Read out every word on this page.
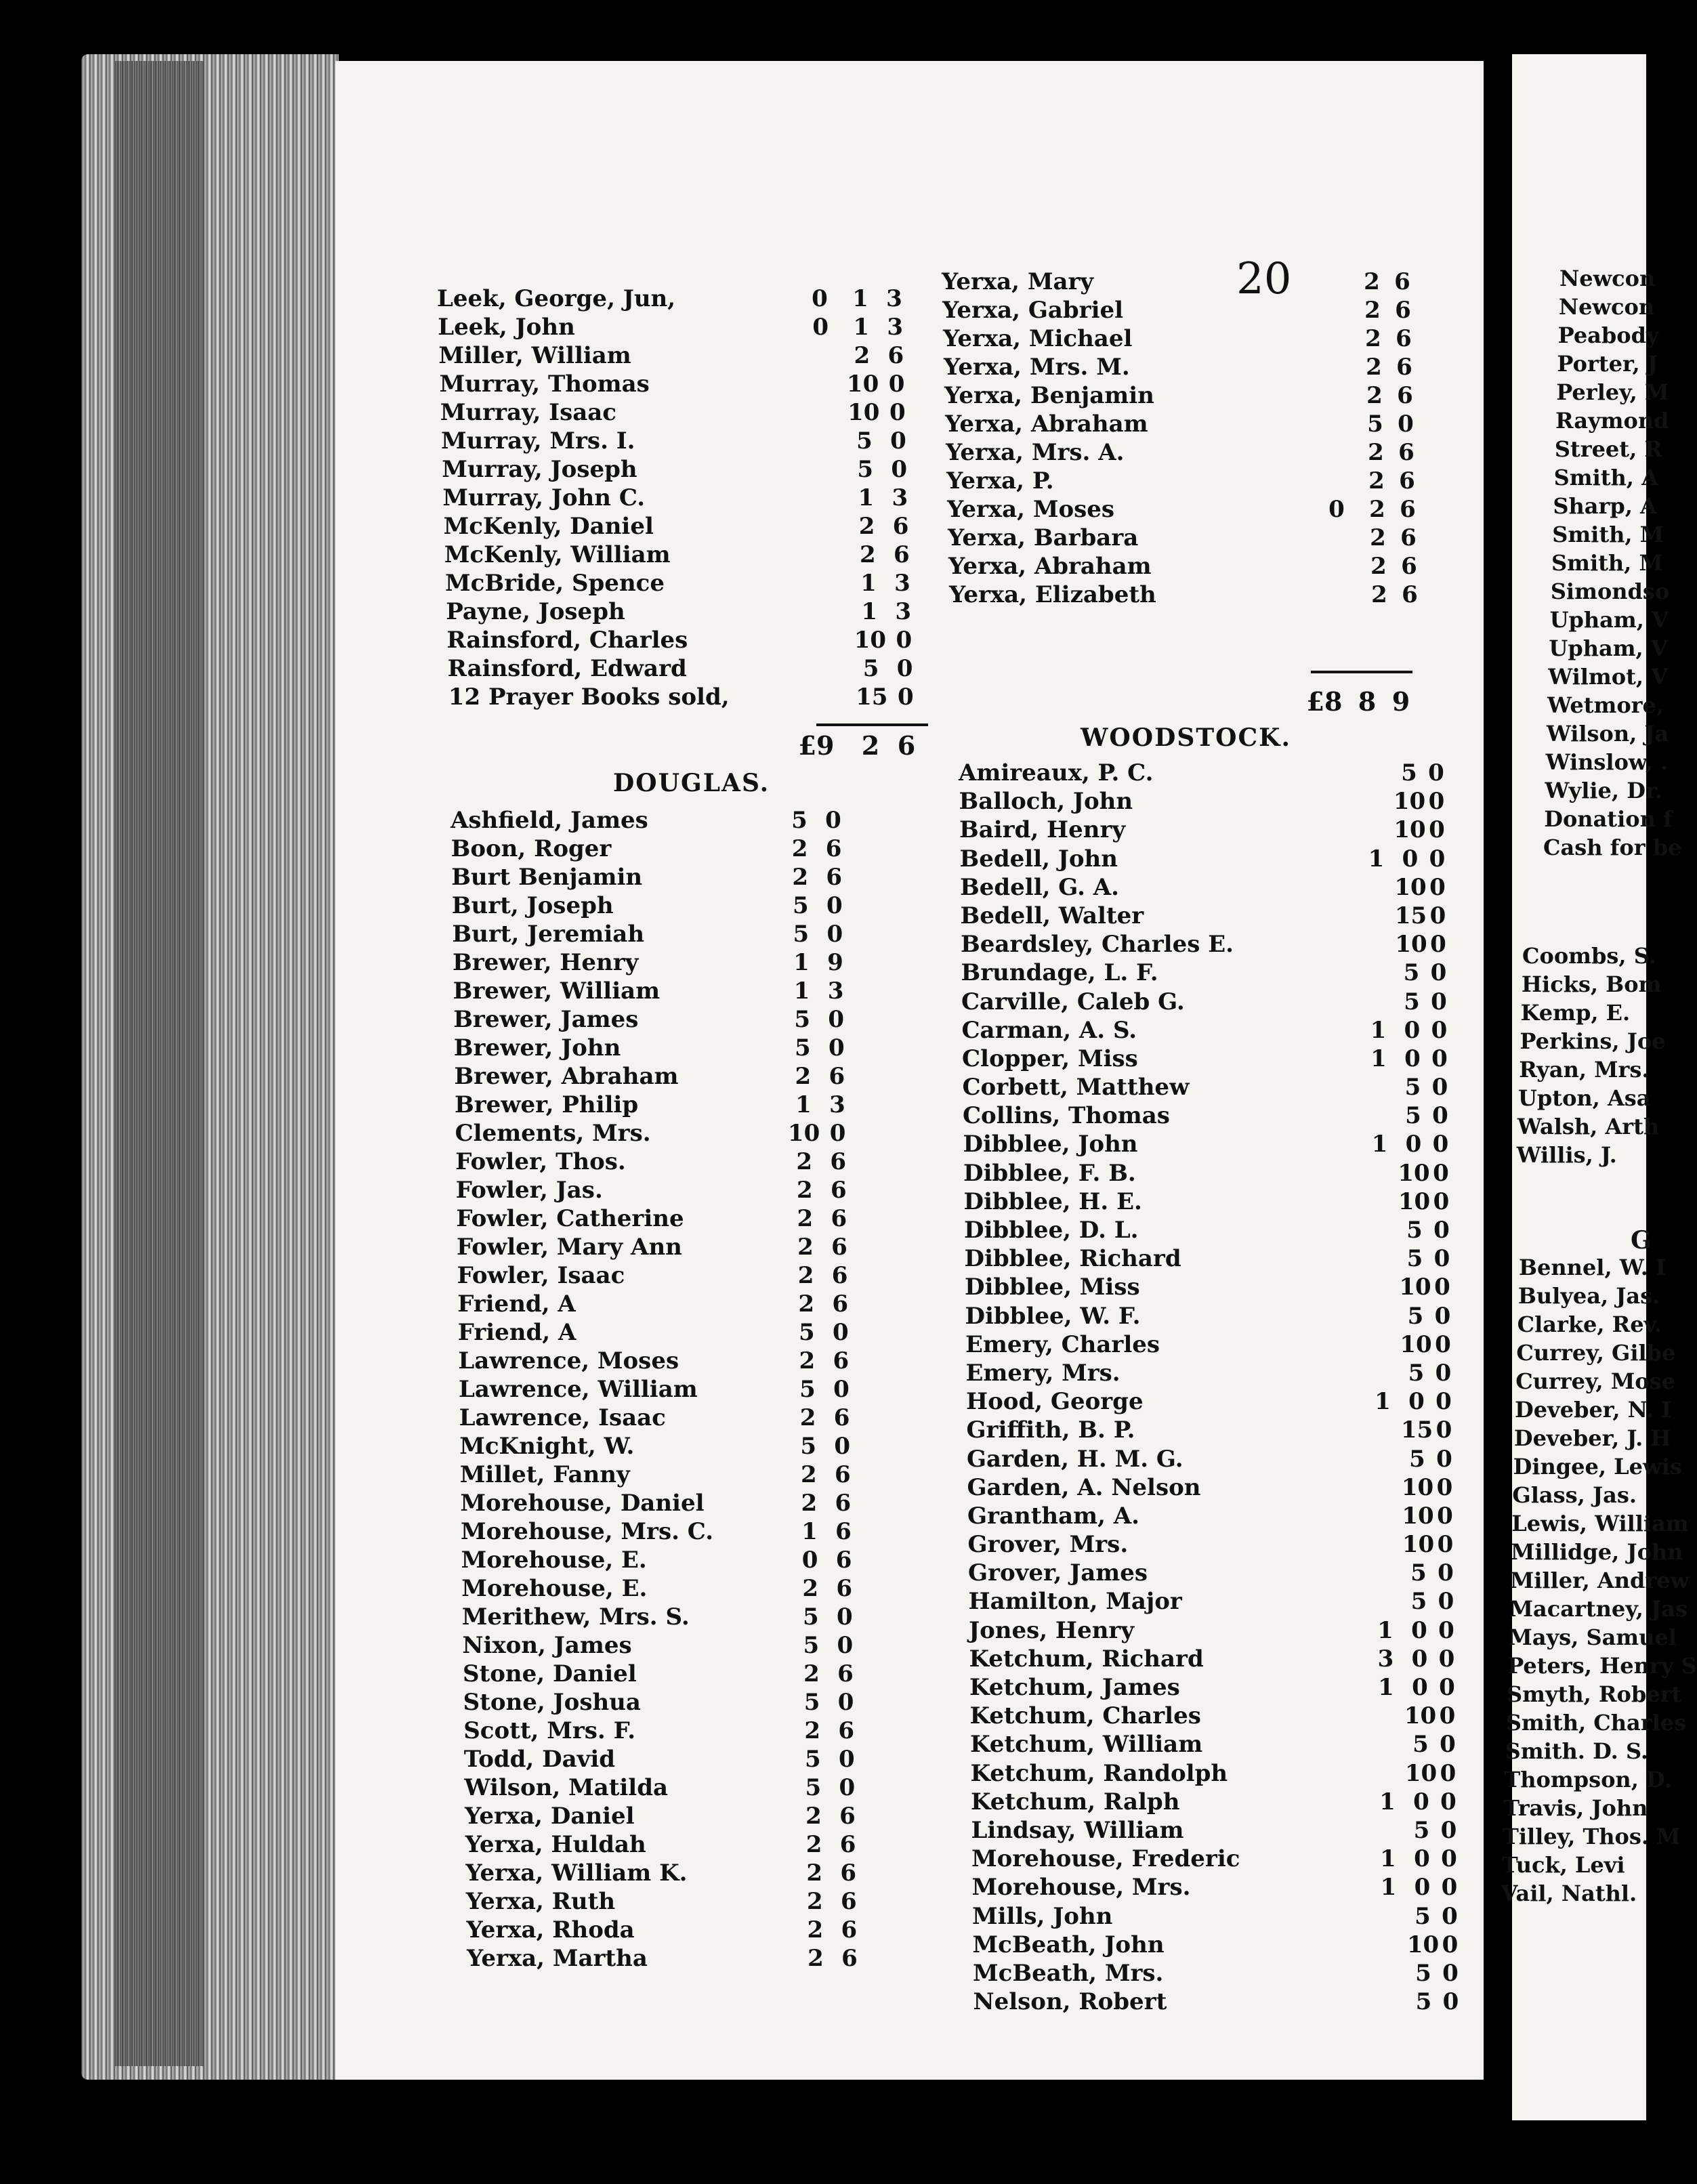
20
Leek, George, Jun,	0	1 3
Leek, John	0	1 3
Miller, William	2 6
Murray, Thomas	10 0
Murray, Isaac	10 0
Murray, Mrs. I.	5 0
Murray, Joseph	5 0
Murray, John C.	1 3
McKenly, Daniel	2 6
McKenly, William	2 6
McBride, Spence	1 3
Payne, Joseph	1 3
Rainsford, Charles	10 0
Rainsford, Edward	5 0
12 Prayer Books sold,	15 0
£9 2 6
DOUGLAS.
Ashfield, James	5 0
Boon, Roger	2 6
Burt Benjamin	2 6
Burt, Joseph	5 0
Burt, Jeremiah	5 0
Brewer, Henry	1 9
Brewer, William	1 3
Brewer, James	5 0
Brewer, John	5 0
Brewer, Abraham	2 6
Brewer, Philip	1 3
Clements, Mrs.	10 0
Fowler, Thos.	2 6
Fowler, Jas.	2 6
Fowler, Catherine	2 6
Fowler, Mary Ann	2 6
Fowler, Isaac	2 6
Friend, A	2 6
Friend, A	5 0
Lawrence, Moses	2 6
Lawrence, William	5 0
Lawrence, Isaac	2 6
McKnight, W.	5 0
Millet, Fanny	2 6
Morehouse, Daniel	2 6
Morehouse, Mrs. C.	1 6
Morehouse, E.	0 6
Morehouse, E.	2 6
Merithew, Mrs. S.	5 0
Nixon, James	5 0
Stone, Daniel	2 6
Stone, Joshua	5 0
Scott, Mrs. F.	2 6
Todd, David	5 0
Wilson, Matilda	5 0
Yerxa, Daniel	2 6
Yerxa, Huldah	2 6
Yerxa, William K.	2 6
Yerxa, Ruth	2 6
Yerxa, Rhoda	2 6
Yerxa, Martha	2 6
Yerxa, Mary	2 6
Yerxa, Gabriel	2 6
Yerxa, Michael	2 6
Yerxa, Mrs. M.	2 6
Yerxa, Benjamin	2 6
Yerxa, Abraham	5 0
Yerxa, Mrs. A.	2 6
Yerxa, P.	2 6
Yerxa, Moses	0	2 6
Yerxa, Barbara	2 6
Yerxa, Abraham	2 6
Yerxa, Elizabeth	2 6
£8 8 9
WOODSTOCK.
Amireaux, P. C.	5 0
Balloch, John	10 0
Baird, Henry	10 0
Bedell, John	1 0 0
Bedell, G. A.	10 0
Bedell, Walter	15 0
Beardsley, Charles E.	10 0
Brundage, L. F.	5 0
Carville, Caleb G.	5 0
Carman, A. S.	1 0 0
Clopper, Miss	1 0 0
Corbett, Matthew	5 0
Collins, Thomas	5 0
Dibblee, John	1 0 0
Dibblee, F. B.	10 0
Dibblee, H. E.	10 0
Dibblee, D. L.	5 0
Dibblee, Richard	5 0
Dibblee, Miss	10 0
Dibblee, W. F.	5 0
Emery, Charles	10 0
Emery, Mrs.	5 0
Hood, George	1 0 0
Griffith, B. P.	15 0
Garden, H. M. G.	5 0
Garden, A. Nelson	10 0
Grantham, A.	10 0
Grover, Mrs.	10 0
Grover, James	5 0
Hamilton, Major	5 0
Jones, Henry	1 0 0
Ketchum, Richard	3 0 0
Ketchum, James	1 0 0
Ketchum, Charles	10 0
Ketchum, William	5 0
Ketchum, Randolph	10 0
Ketchum, Ralph	1 0 0
Lindsay, William	5 0
Morehouse, Frederic	1 0 0
Morehouse, Mrs.	1 0 0
Mills, John	5 0
McBeath, John	10 0
McBeath, Mrs.	5 0
Nelson, Robert	5 0
Newcon
Newcon
Peabody
Porter, J
Perley, M
Raymond
Street, R
Smith, A
Sharp, A
Smith, M
Smith, M
Simondso
Upham, V
Upham, V
Wilmot, V
Wetmore,
Wilson, Ja
Winslow, .
Wylie, Dr.
Donation f
Cash for be
Coombs, S.
Hicks, Bom
Kemp, E.
Perkins, Joe
Ryan, Mrs.
Upton, Asa
Walsh, Arth
Willis, J.
G
Bennel, W. I
Bulyea, Jas.
Clarke, Rev.
Currey, Gilbe
Currey, Mose
Deveber, N. I
Deveber, J. H
Dingee, Lewis
Glass, Jas.
Lewis, William
Millidge, John
Miller, Andrew
Macartney, Jas
Mays, Samuel
Peters, Henry S
Smyth, Robert
Smith, Charles
Smith. D. S.
Thompson, D.
Travis, John
Tilley, Thos. M
Tuck, Levi
Vail, Nathl.
